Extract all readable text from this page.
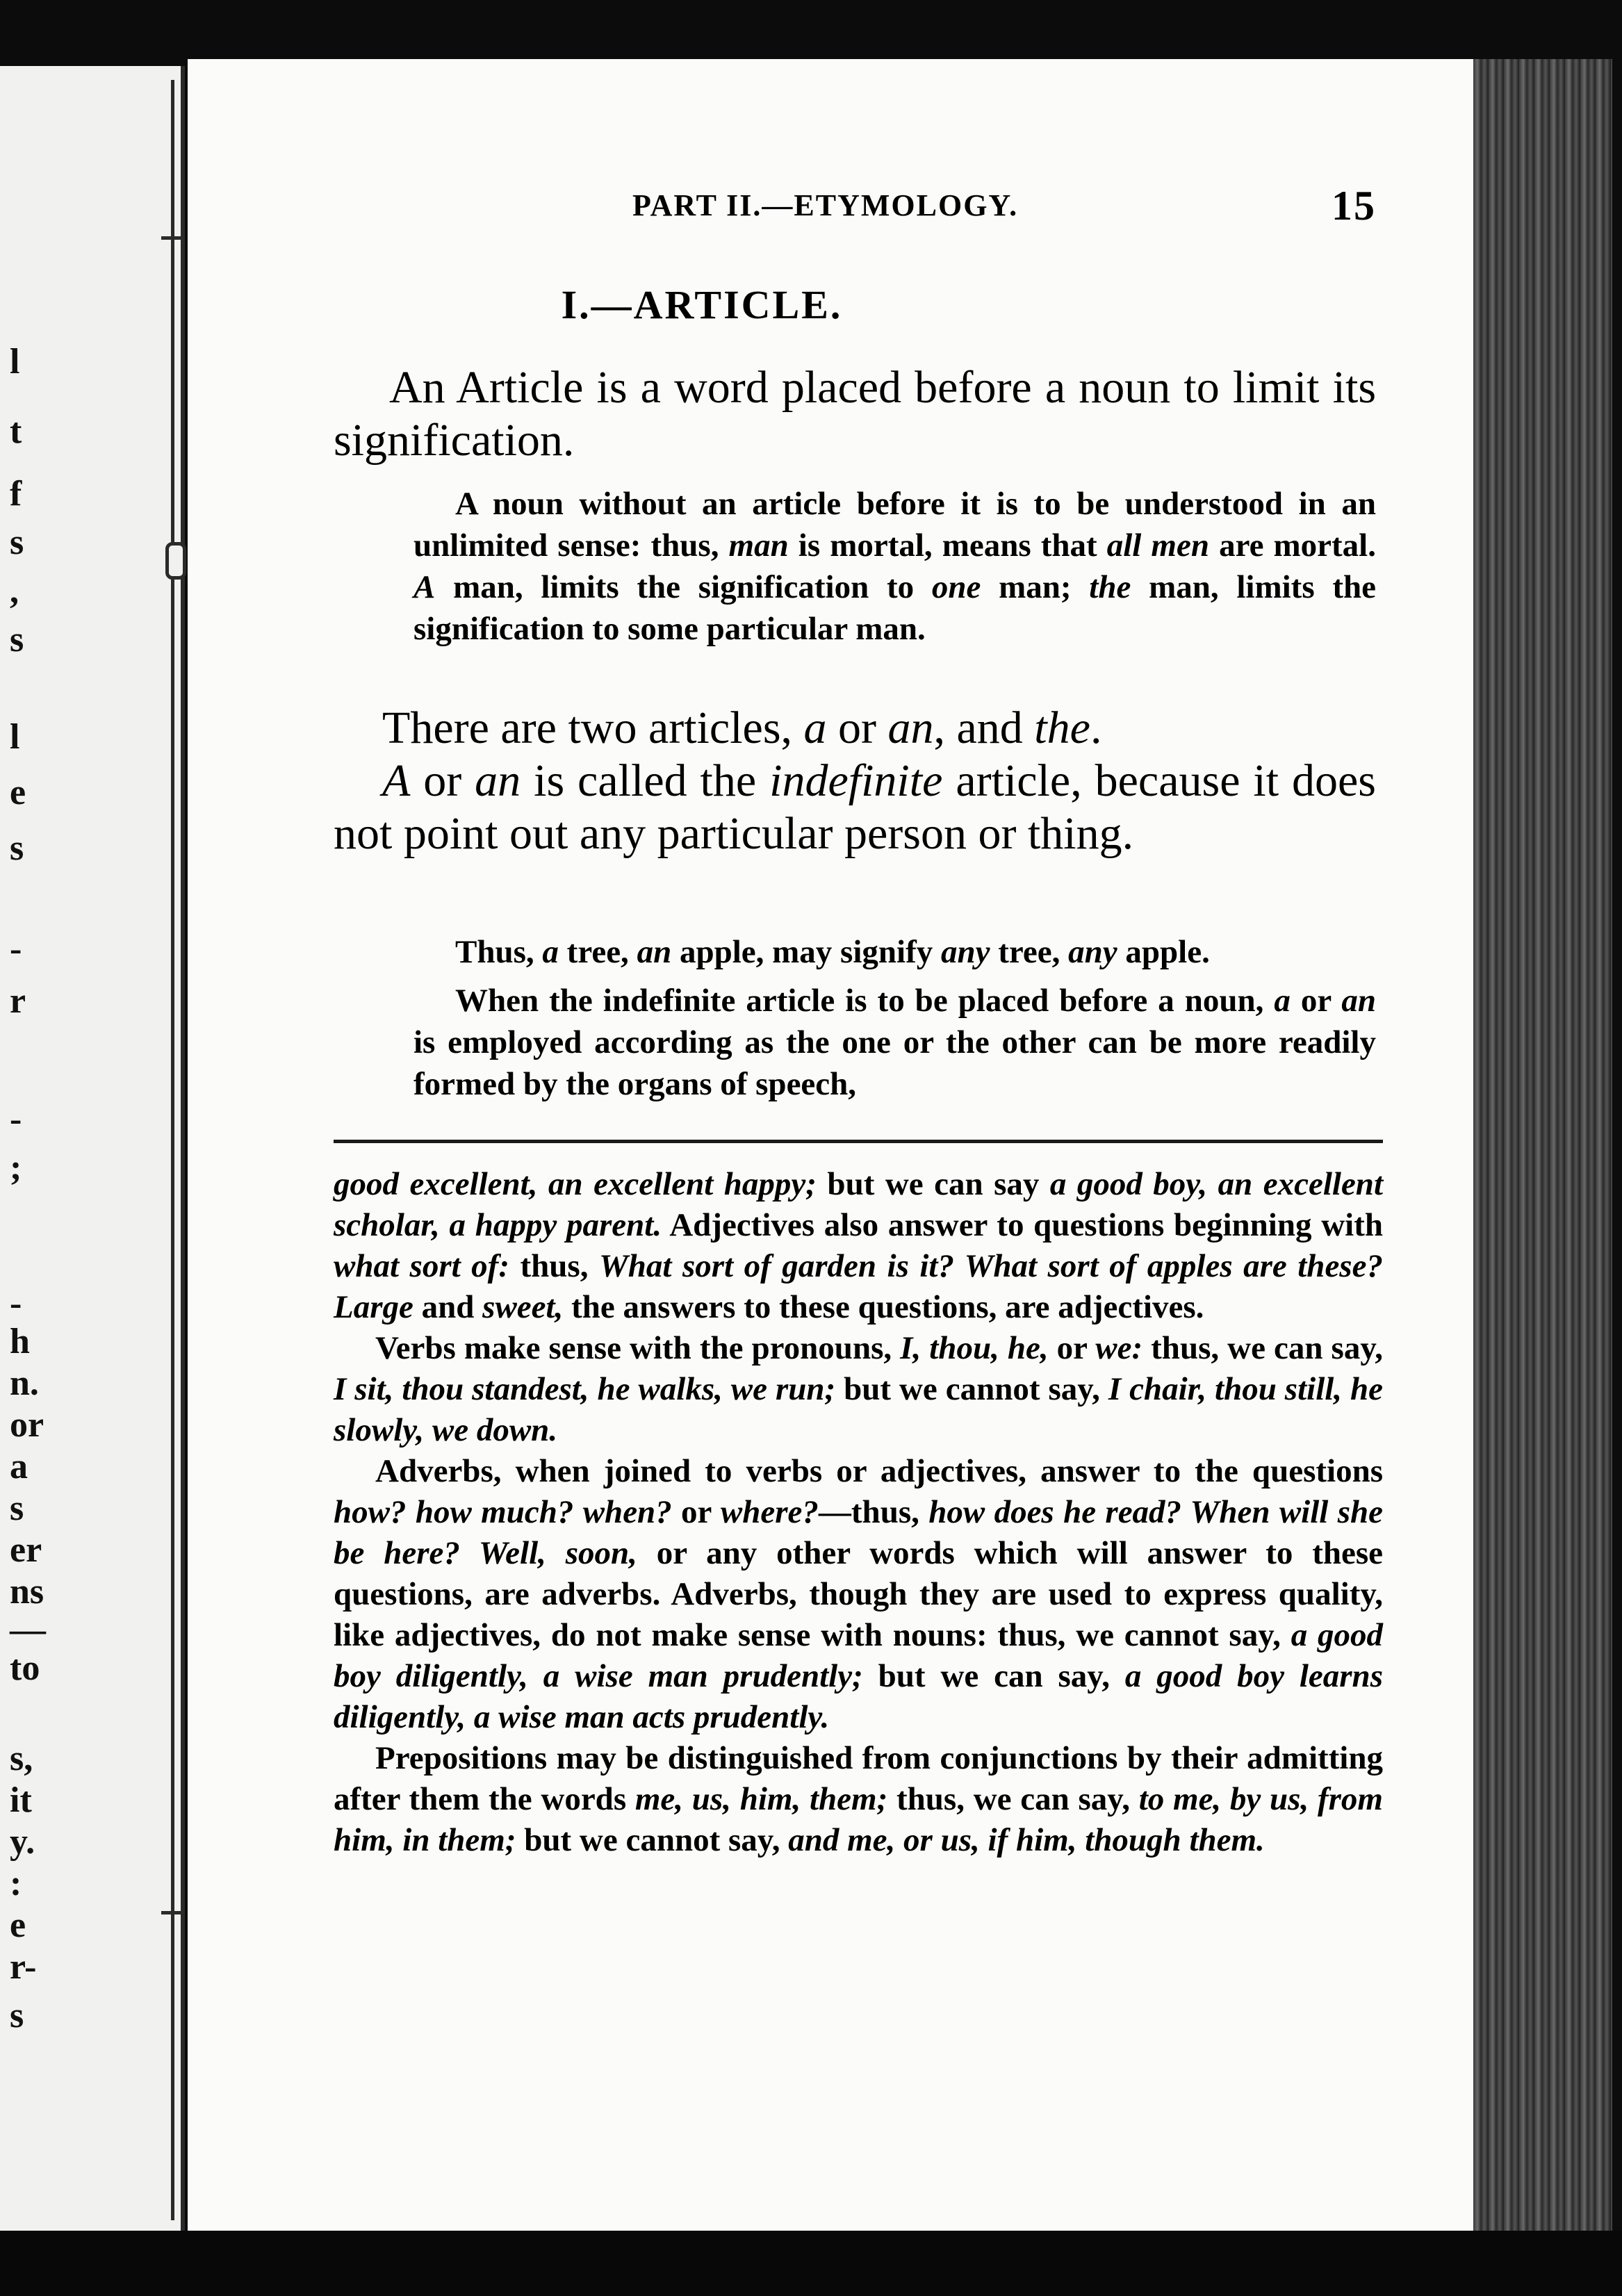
l
t
f
s
,
s
l
e
s
-
r
-
;
-
h
n.
or
a
s
er
ns
—
to
s,
it
y.
:
e
r-
s
PART II.—ETYMOLOGY.	15
I.—ARTICLE.

An Article is a word placed before a noun to limit its signification.

A noun without an article before it is to be understood in an unlimited sense: thus, man is mortal, means that all men are mortal. A man, limits the signification to one man; the man, limits the signification to some particular man.

There are two articles, a or an, and the.

A or an is called the indefinite article, because it does not point out any particular person or thing.

Thus, a tree, an apple, may signify any tree, any apple.

When the indefinite article is to be placed before a noun, a or an is employed according as the one or the other can be more readily formed by the organs of speech,

good excellent, an excellent happy; but we can say a good boy, an excellent scholar, a happy parent. Adjectives also answer to questions beginning with what sort of: thus, What sort of garden is it? What sort of apples are these? Large and sweet, the answers to these questions, are adjectives.

Verbs make sense with the pronouns, I, thou, he, or we: thus, we can say, I sit, thou standest, he walks, we run; but we cannot say, I chair, thou still, he slowly, we down.

Adverbs, when joined to verbs or adjectives, answer to the questions how? how much? when? or where?—thus, how does he read? When will she be here? Well, soon, or any other words which will answer to these questions, are adverbs. Adverbs, though they are used to express quality, like adjectives, do not make sense with nouns: thus, we cannot say, a good boy diligently, a wise man prudently; but we can say, a good boy learns diligently, a wise man acts prudently.

Prepositions may be distinguished from conjunctions by their admitting after them the words me, us, him, them; thus, we can say, to me, by us, from him, in them; but we cannot say, and me, or us, if him, though them.
